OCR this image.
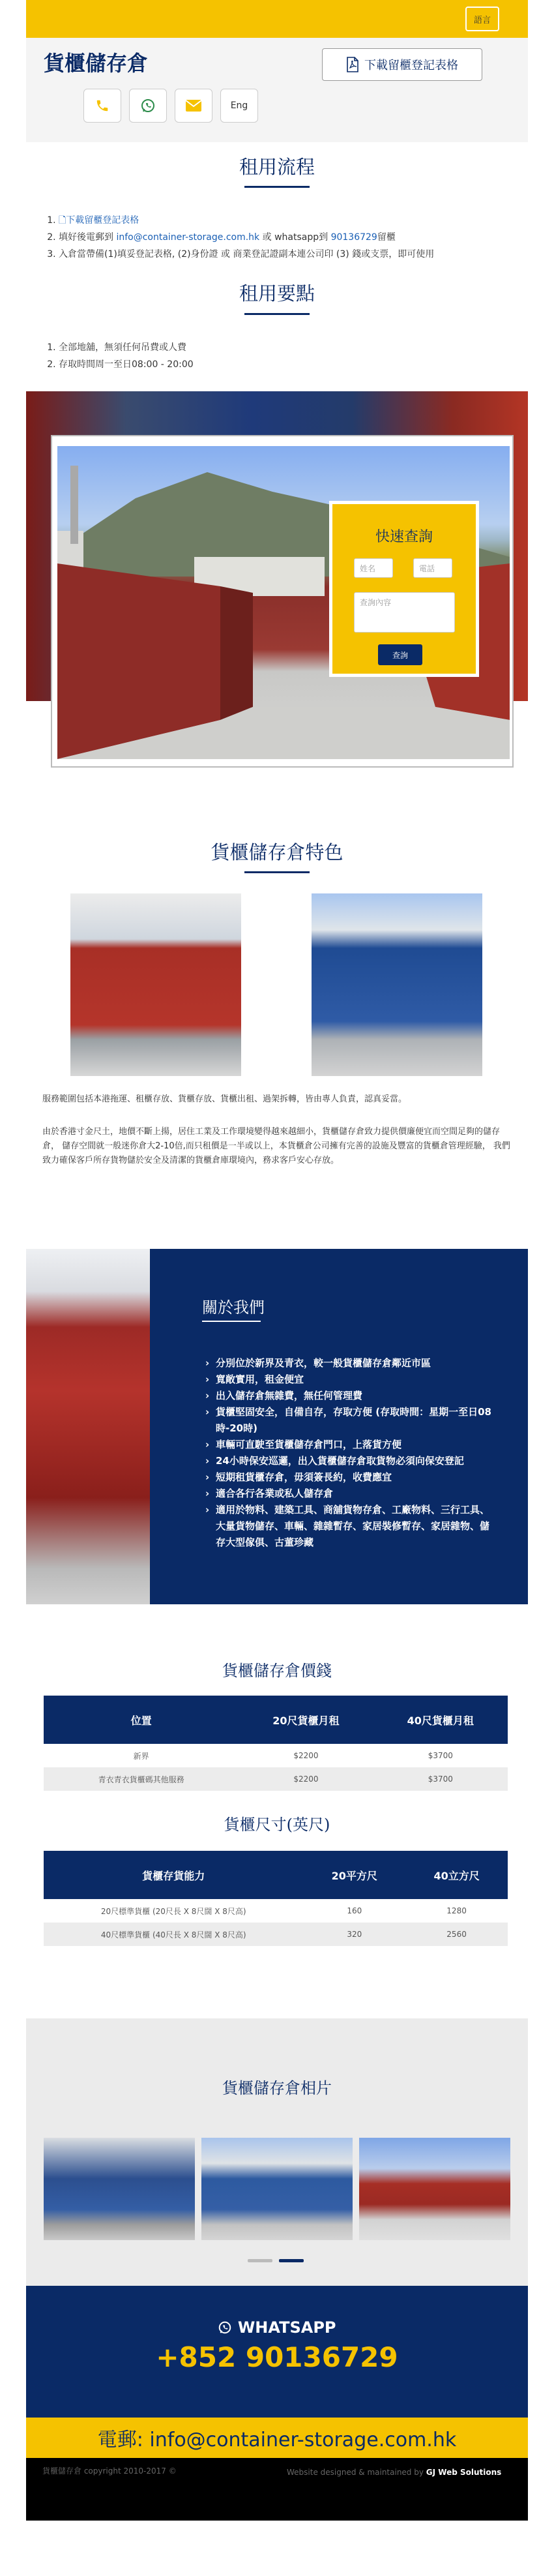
語言
貨櫃儲存倉	下載留櫃登記表格
Eng
租用流程
1. 🗋下載留櫃登記表格
2. 填好後電郵到 info@container-storage.com.hk 或 whatsapp到 90136729留櫃
3. 入倉當帶備(1)填妥登記表格, (2)身份證 或 商業登記證副本連公司印 (3) 錢或支票，即可使用
租用要點
1. 全部地舖，無須任何吊費或人費
2. 存取時間周一至日08:00 - 20:00
快速查詢
姓名	電話
查詢內容
查詢
貨櫃儲存倉特色

服務範圍包括本港拖運、租櫃存放、貨櫃存放、貨櫃出租、過架拆轉，皆由專人負責，認真妥當。

由於香港寸金尺土，地價不斷上揚，居住工業及工作環境變得越來越細小，貨櫃儲存倉致力提供價廉便宜而空間足夠的儲存倉， 儲存空間就一般迷你倉大2-10倍,而只租價是一半或以上，本貨櫃倉公司擁有完善的設施及豐富的貨櫃倉管理經驗， 我們致力確保客戶所存貨物儲於安全及清潔的貨櫃倉庫環境內，務求客戶安心存放。

關於我們
› 分別位於新界及青衣，較一般貨櫃儲存倉鄰近市區
› 寬敞實用，租金便宜
› 出入儲存倉無雜費，無任何管理費
› 貨櫃堅固安全，自備自存，存取方便 (存取時間：星期一至日08時-20時)
› 車輛可直駛至貨櫃儲存倉門口，上落貨方便
› 24小時保安巡邏，出入貨櫃儲存倉取貨物必須向保安登記
› 短期租貨櫃存倉，毋須簽長約，收費應宜
› 適合各行各業或私人儲存倉
› 適用於物料、建築工具、商舖貨物存倉、工廠物料、三行工具、大量貨物儲存、車輛、雜雜暫存、家居裝修暫存、家居雜物、儲存大型傢俱、古董珍藏
貨櫃儲存倉價錢
位置	20尺貨櫃月租	40尺貨櫃月租
新界	$2200	$3700
青衣青衣貨櫃碼其他服務	$2200	$3700
貨櫃尺寸(英尺)
貨櫃存貨能力	20平方尺	40立方尺
20尺標準貨櫃 (20尺長 X 8尺闊 X 8尺高)	160	1280
40尺標準貨櫃 (40尺長 X 8尺闊 X 8尺高)	320	2560
貨櫃儲存倉相片
WHATSAPP
+852 90136729
電郵: info@container-storage.com.hk
貨櫃儲存倉 copyright 2010-2017 ©	Website designed & maintained by GJ Web Solutions
